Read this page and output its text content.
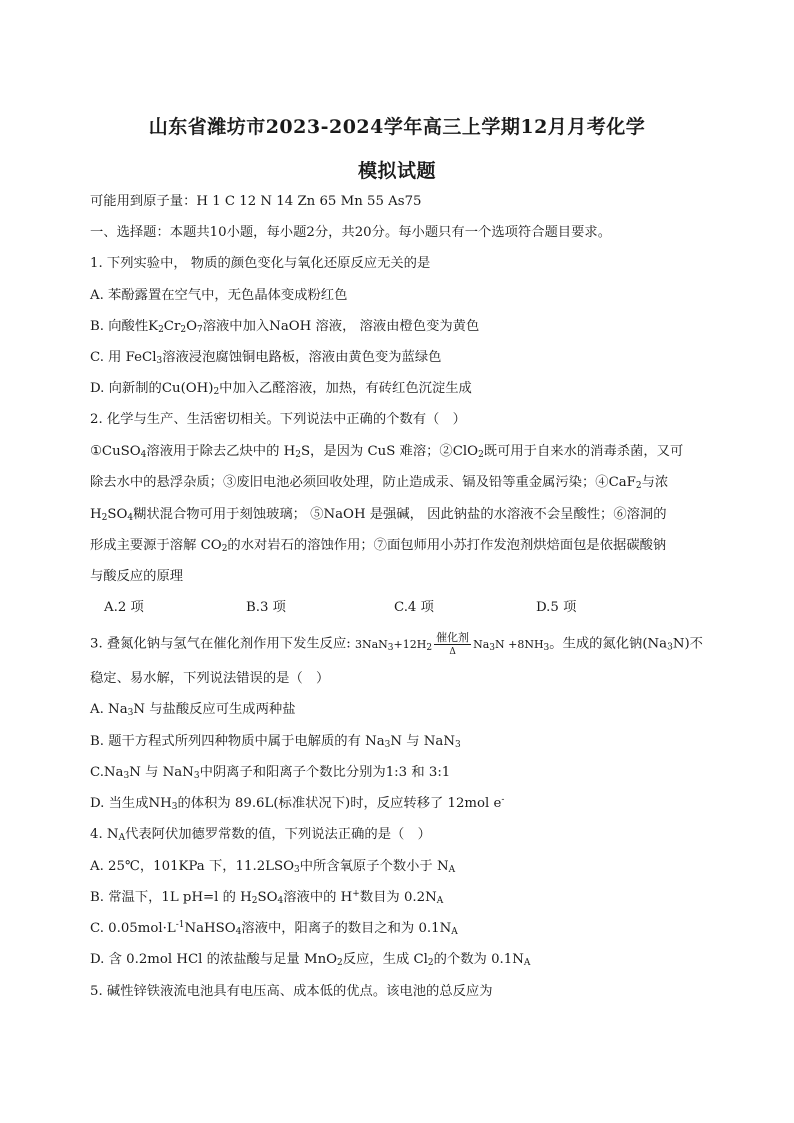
山东省潍坊市2023-2024学年高三上学期12月月考化学
模拟试题
可能用到原子量：H 1 C 12 N 14 Zn 65 Mn 55 As75
一、选择题：本题共10小题，每小题2分，共20分。每小题只有一个选项符合题目要求。
1. 下列实验中， 物质的颜色变化与氧化还原反应无关的是
A. 苯酚露置在空气中，无色晶体变成粉红色
B. 向酸性$K_2Cr_2O_7$溶液中加入NaOH 溶液， 溶液由橙色变为黄色
C. 用 FeCl$_3$溶液浸泡腐蚀铜电路板，溶液由黄色变为蓝绿色
D. 向新制的$Cu(OH)_2$中加入乙醛溶液，加热，有砖红色沉淀生成
2. 化学与生产、生活密切相关。下列说法中正确的个数有（　）
①CuSO$_4$溶液用于除去乙炔中的 $H_2S$，是因为 CuS 难溶；②ClO$_2$既可用于自来水的消毒杀菌，又可
除去水中的悬浮杂质；③废旧电池必须回收处理，防止造成汞、镉及铅等重金属污染；④CaF$_2$与浓
$H_2SO_4$糊状混合物可用于刻蚀玻璃； ⑤NaOH 是强碱， 因此钠盐的水溶液不会呈酸性；⑥溶洞的
形成主要源于溶解 $CO_2$的水对岩石的溶蚀作用；⑦面包师用小苏打作发泡剂烘焙面包是依据碳酸钠
与酸反应的原理
A.2 项	B.3 项	C.4 项	D.5 项
3. 叠氮化钠与氢气在催化剂作用下发生反应: $3NaN_3+12H_2 \frac{\text{催化剂}}{\Delta} Na_3N +8NH_3$。生成的氮化钠$(Na_3N)$不
稳定、易水解，下列说法错误的是（　）
A. $Na_3N$ 与盐酸反应可生成两种盐
B. 题干方程式所列四种物质中属于电解质的有 $Na_3N$ 与 NaN$_3$
$C.Na_3N$ 与 NaN$_3$中阴离子和阳离子个数比分别为1:3 和 3:1
D. 当生成$NH_3$的体积为 89.6L(标准状况下)时，反应转移了 12mol e-
4. $N_A$代表阿伏加德罗常数的值，下列说法正确的是（　）
A. 25℃，101KPa 下，$11.2LSO_3$中所含氧原子个数小于 $N_A$
B. 常温下，1L pH=l 的 $H_2SO_4$溶液中的 H+数目为 $0.2N_A$
C. $0.05mol\cdot L^{-1}NaHSO_4$溶液中，阳离子的数目之和为 $0.1N_A$
D. 含 0.2mol HCl 的浓盐酸与足量 MnO$_2$反应，生成 $Cl_2$的个数为 $0.1N_A$
5. 碱性锌铁液流电池具有电压高、成本低的优点。该电池的总反应为
